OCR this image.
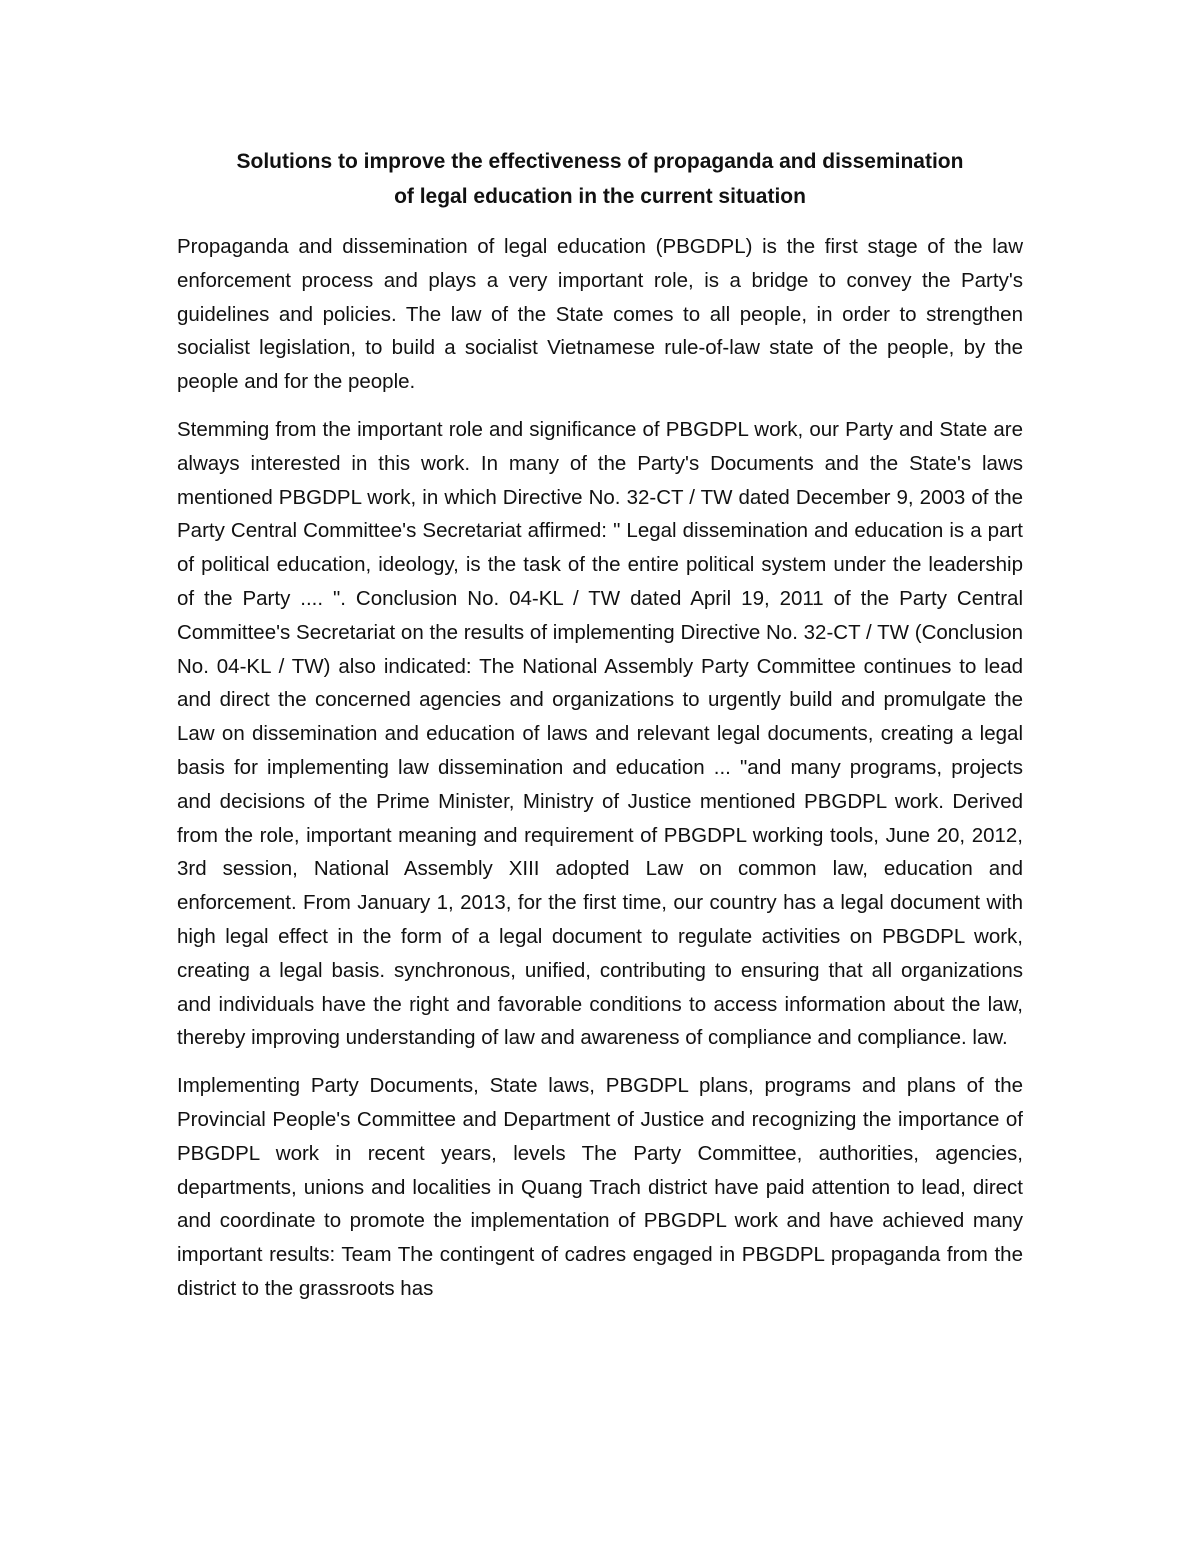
Solutions to improve the effectiveness of propaganda and dissemination
of legal education in the current situation

Propaganda and dissemination of legal education (PBGDPL) is the first stage of the law enforcement process and plays a very important role, is a bridge to convey the Party's guidelines and policies. The law of the State comes to all people, in order to strengthen socialist legislation, to build a socialist Vietnamese rule-of-law state of the people, by the people and for the people.

Stemming from the important role and significance of PBGDPL work, our Party and State are always interested in this work. In many of the Party's Documents and the State's laws mentioned PBGDPL work, in which Directive No. 32-CT / TW dated December 9, 2003 of the Party Central Committee's Secretariat affirmed: " Legal dissemination and education is a part of political education, ideology, is the task of the entire political system under the leadership of the Party .... ". Conclusion No. 04-KL / TW dated April 19, 2011 of the Party Central Committee's Secretariat on the results of implementing Directive No. 32-CT / TW (Conclusion No. 04-KL / TW) also indicated: The National Assembly Party Committee continues to lead and direct the concerned agencies and organizations to urgently build and promulgate the Law on dissemination and education of laws and relevant legal documents, creating a legal basis for implementing law dissemination and education ... "and many programs, projects and decisions of the Prime Minister, Ministry of Justice mentioned PBGDPL work. Derived from the role, important meaning and requirement of PBGDPL working tools, June 20, 2012, 3rd session, National Assembly XIII adopted Law on common law, education and enforcement. From January 1, 2013, for the first time, our country has a legal document with high legal effect in the form of a legal document to regulate activities on PBGDPL work, creating a legal basis. synchronous, unified, contributing to ensuring that all organizations and individuals have the right and favorable conditions to access information about the law, thereby improving understanding of law and awareness of compliance and compliance. law.

Implementing Party Documents, State laws, PBGDPL plans, programs and plans of the Provincial People's Committee and Department of Justice and recognizing the importance of PBGDPL work in recent years, levels The Party Committee, authorities, agencies, departments, unions and localities in Quang Trach district have paid attention to lead, direct and coordinate to promote the implementation of PBGDPL work and have achieved many important results: Team The contingent of cadres engaged in PBGDPL propaganda from the district to the grassroots has
